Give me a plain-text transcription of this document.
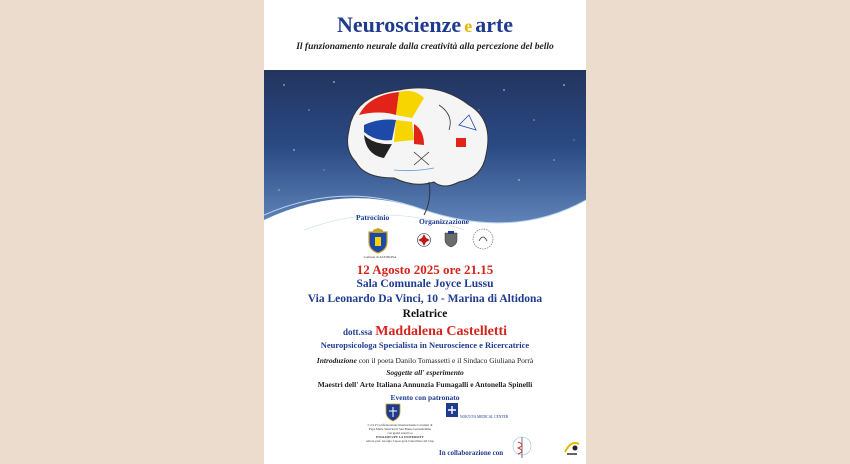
Neuroscienze e arte
Il funzionamento neurale dalla creatività alla percezione del bello
Patrocinio	Organizzazione
Comune di ALTIDONA
12 Agosto 2025 ore 21.15
Sala Comunale Joyce Lussu
Via Leonardo Da Vinci, 10 - Marina di Altidona
Relatrice
dott.ssa Maddalena Castelletti
Neuropsicologa Specialista in Neuroscience e Ricercatrice
Introduzione con il poeta Danilo Tomassetti e il Sindaco Giuliana Porrà
Soggette all' esperimento
Maestri dell' Arte Italiana Annunzia Fumagalli e Antonella Spinelli
Evento con patronato
C.I.S.P Confederazione Internazionale Cavalieri di
Papa Malta Santi Servi San Bruno Gerusalemme
con grand autorita e
ENGLISH UPU LA UNIVERSITY
rettore prof. Giorgio Capoa gran Cancelliere del Cisp
NOKYIVA MEDICAL CENTER
In collaborazione con
